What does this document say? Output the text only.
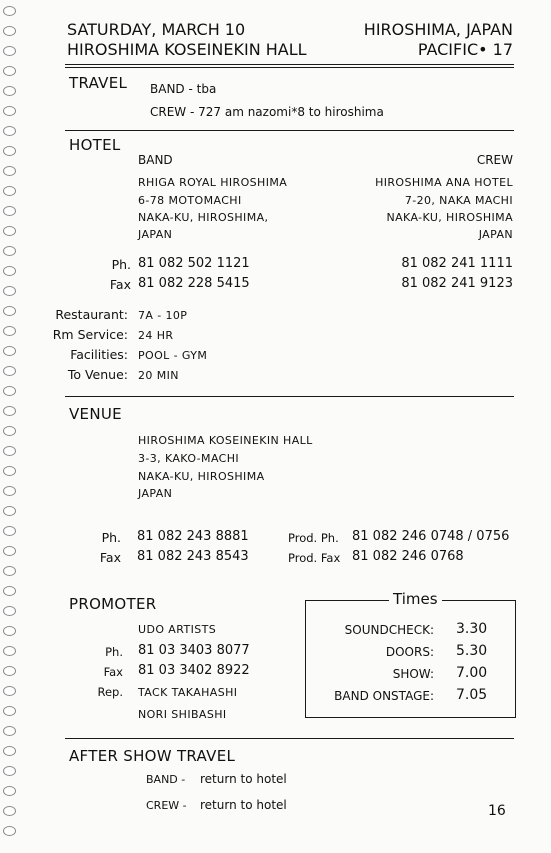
SATURDAY, MARCH 10
HIROSHIMA KOSEINEKIN HALL
HIROSHIMA, JAPAN
PACIFIC• 17
TRAVEL BAND - tba
CREW - 727 am nazomi*8 to hiroshima
HOTEL
BAND	CREW
RHIGA ROYAL HIROSHIMA
6-78 MOTOMACHI
NAKA-KU, HIROSHIMA,
JAPAN
HIROSHIMA ANA HOTEL
7-20, NAKA MACHI
NAKA-KU, HIROSHIMA
JAPAN
Ph.
Fax
81 082 502 1121
81 082 228 5415
81 082 241 1111
81 082 241 9123
Restaurant:
Rm Service:
Facilities:
To Venue:
7A - 10P
24 HR
POOL - GYM
20 MIN
VENUE
HIROSHIMA KOSEINEKIN HALL
3-3, KAKO-MACHI
NAKA-KU, HIROSHIMA
JAPAN
Ph.
Fax
81 082 243 8881
81 082 243 8543
Prod. Ph.
Prod. Fax
81 082 246 0748 / 0756
81 082 246 0768
PROMOTER
UDO ARTISTS
Ph.
Fax
Rep.
81 03 3403 8077
81 03 3402 8922
TACK TAKAHASHI
NORI SHIBASHI
Times
SOUNDCHECK:
DOORS:
SHOW:
BAND ONSTAGE:
3.30
5.30
7.00
7.05
AFTER SHOW TRAVEL
BAND - return to hotel
CREW - return to hotel	16
